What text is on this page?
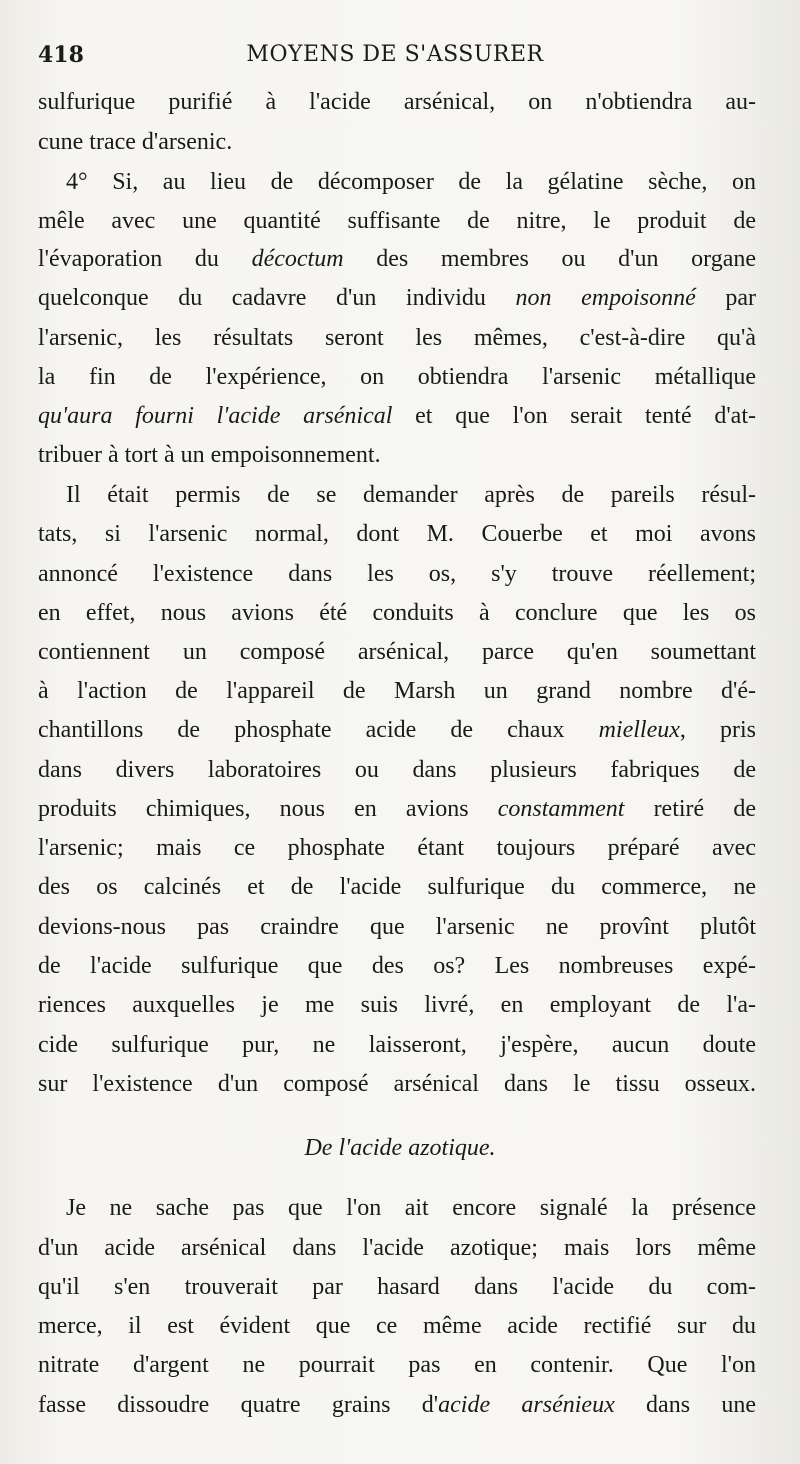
418	MOYENS DE S'ASSURER
sulfurique purifié à l'acide arsénical, on n'obtiendra au-
cune trace d'arsenic.
4° Si, au lieu de décomposer de la gélatine sèche, on
mêle avec une quantité suffisante de nitre, le produit de
l'évaporation du décoctum des membres ou d'un organe
quelconque du cadavre d'un individu non empoisonné par
l'arsenic, les résultats seront les mêmes, c'est-à-dire qu'à
la fin de l'expérience, on obtiendra l'arsenic métallique
qu'aura fourni l'acide arsénical et que l'on serait tenté d'at-
tribuer à tort à un empoisonnement.
Il était permis de se demander après de pareils résul-
tats, si l'arsenic normal, dont M. Couerbe et moi avons
annoncé l'existence dans les os, s'y trouve réellement;
en effet, nous avions été conduits à conclure que les os
contiennent un composé arsénical, parce qu'en soumettant
à l'action de l'appareil de Marsh un grand nombre d'é-
chantillons de phosphate acide de chaux mielleux, pris
dans divers laboratoires ou dans plusieurs fabriques de
produits chimiques, nous en avions constamment retiré de
l'arsenic; mais ce phosphate étant toujours préparé avec
des os calcinés et de l'acide sulfurique du commerce, ne
devions-nous pas craindre que l'arsenic ne provînt plutôt
de l'acide sulfurique que des os? Les nombreuses expé-
riences auxquelles je me suis livré, en employant de l'a-
cide sulfurique pur, ne laisseront, j'espère, aucun doute
sur l'existence d'un composé arsénical dans le tissu osseux.
De l'acide azotique.
Je ne sache pas que l'on ait encore signalé la présence
d'un acide arsénical dans l'acide azotique; mais lors même
qu'il s'en trouverait par hasard dans l'acide du com-
merce, il est évident que ce même acide rectifié sur du
nitrate d'argent ne pourrait pas en contenir. Que l'on
fasse dissoudre quatre grains d'acide arsénieux dans une
